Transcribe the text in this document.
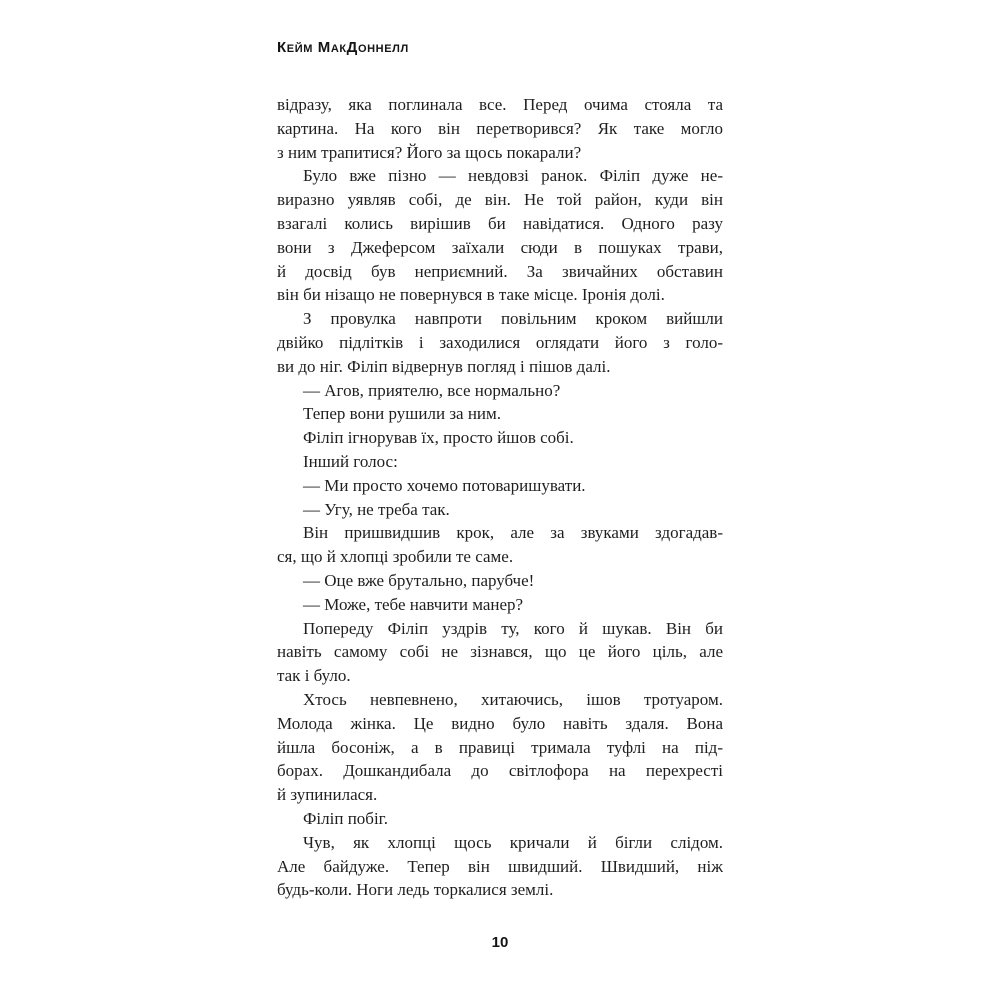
Кейм МакДоннелл
відразу, яка поглинала все. Перед очима стояла та
картина. На кого він перетворився? Як таке могло
з ним трапитися? Його за щось покарали?
Було вже пізно — невдовзі ранок. Філіп дуже не-
виразно уявляв собі, де він. Не той район, куди він
взагалі колись вирішив би навідатися. Одного разу
вони з Джеферсом заїхали сюди в пошуках трави,
й досвід був неприємний. За звичайних обставин
він би нізащо не повернувся в таке місце. Іронія долі.
З провулка навпроти повільним кроком вийшли
двійко підлітків і заходилися оглядати його з голо-
ви до ніг. Філіп відвернув погляд і пішов далі.
— Агов, приятелю, все нормально?
Тепер вони рушили за ним.
Філіп ігнорував їх, просто йшов собі.
Інший голос:
— Ми просто хочемо потоваришувати.
— Угу, не треба так.
Він пришвидшив крок, але за звуками здогадав-
ся, що й хлопці зробили те саме.
— Оце вже брутально, парубче!
— Може, тебе навчити манер?
Попереду Філіп уздрів ту, кого й шукав. Він би
навіть самому собі не зізнався, що це його ціль, але
так і було.
Хтось невпевнено, хитаючись, ішов тротуаром.
Молода жінка. Це видно було навіть здаля. Вона
йшла босоніж, а в правиці тримала туфлі на під-
борах. Дошкандибала до світлофора на перехресті
й зупинилася.
Філіп побіг.
Чув, як хлопці щось кричали й бігли слідом.
Але байдуже. Тепер він швидший. Швидший, ніж
будь-коли. Ноги ледь торкалися землі.
10
